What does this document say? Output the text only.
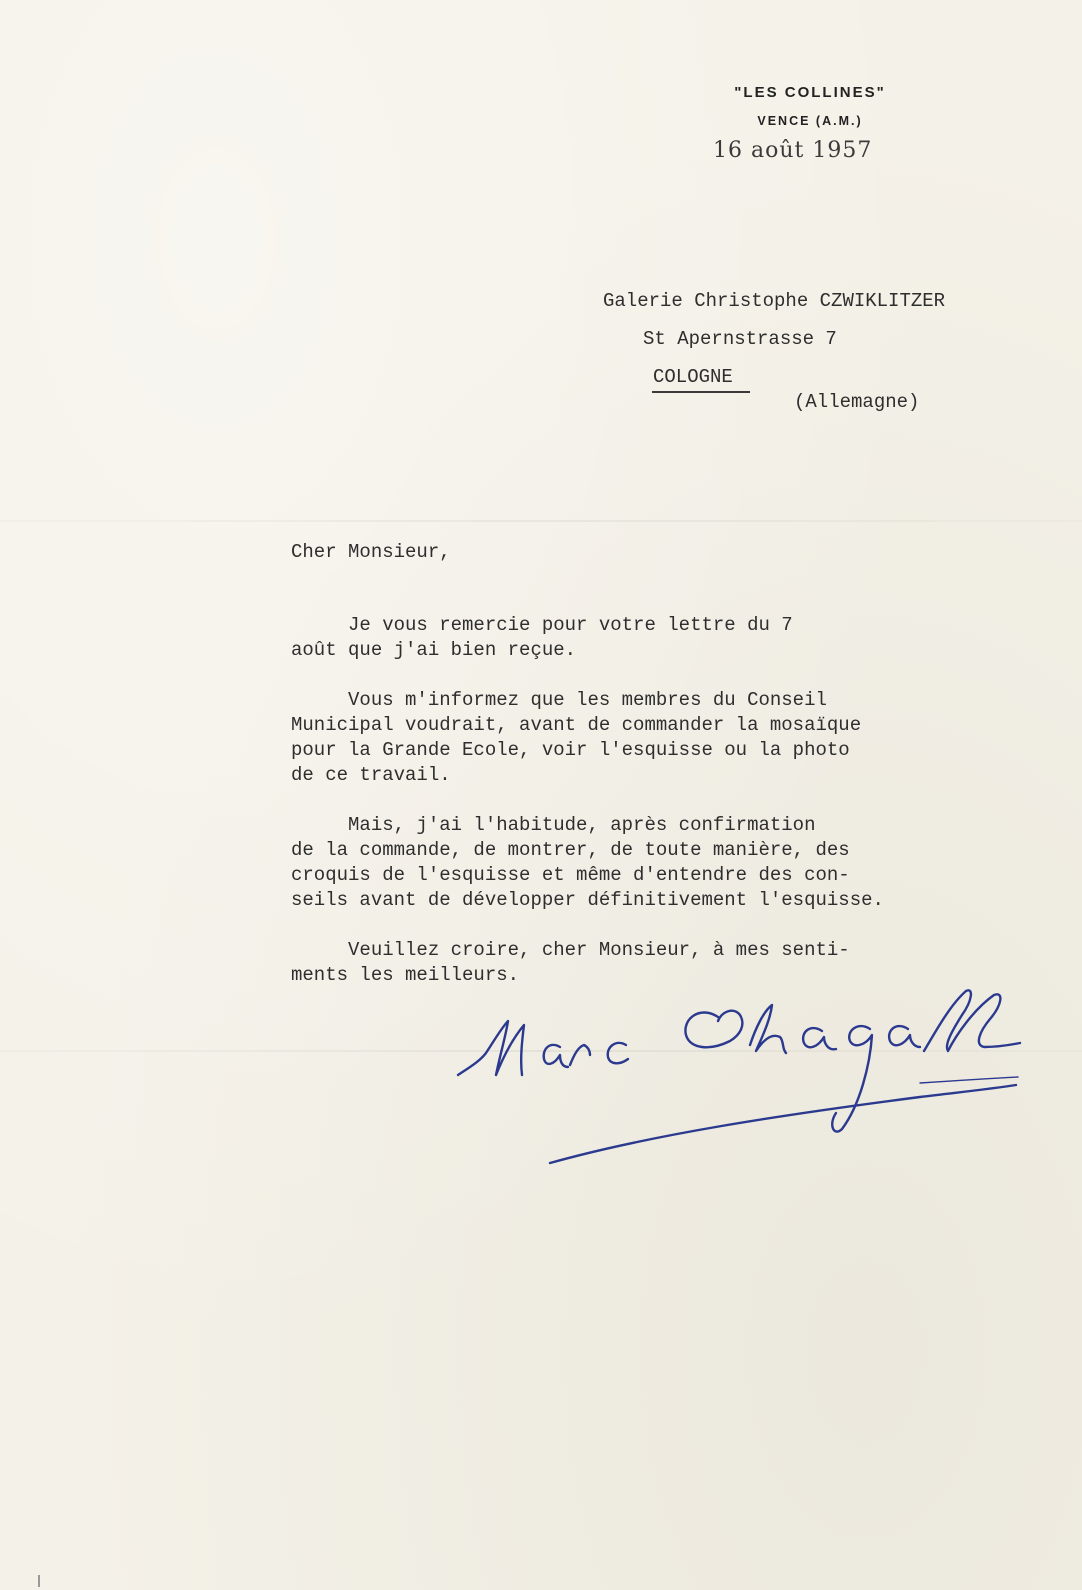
"LES COLLINES"
VENCE (A.M.)
16 août 1957
Galerie Christophe CZWIKLITZER
St Apernstrasse 7
COLOGNE
(Allemagne)
Cher Monsieur,
Je vous remercie pour votre lettre du 7
août que j'ai bien reçue.
Vous m'informez que les membres du Conseil
Municipal voudrait, avant de commander la mosaïque
pour la Grande Ecole, voir l'esquisse ou la photo
de ce travail.
Mais, j'ai l'habitude, après confirmation
de la commande, de montrer, de toute manière, des
croquis de l'esquisse et même d'entendre des con-
seils avant de développer définitivement l'esquisse.
Veuillez croire, cher Monsieur, à mes senti-
ments les meilleurs.
